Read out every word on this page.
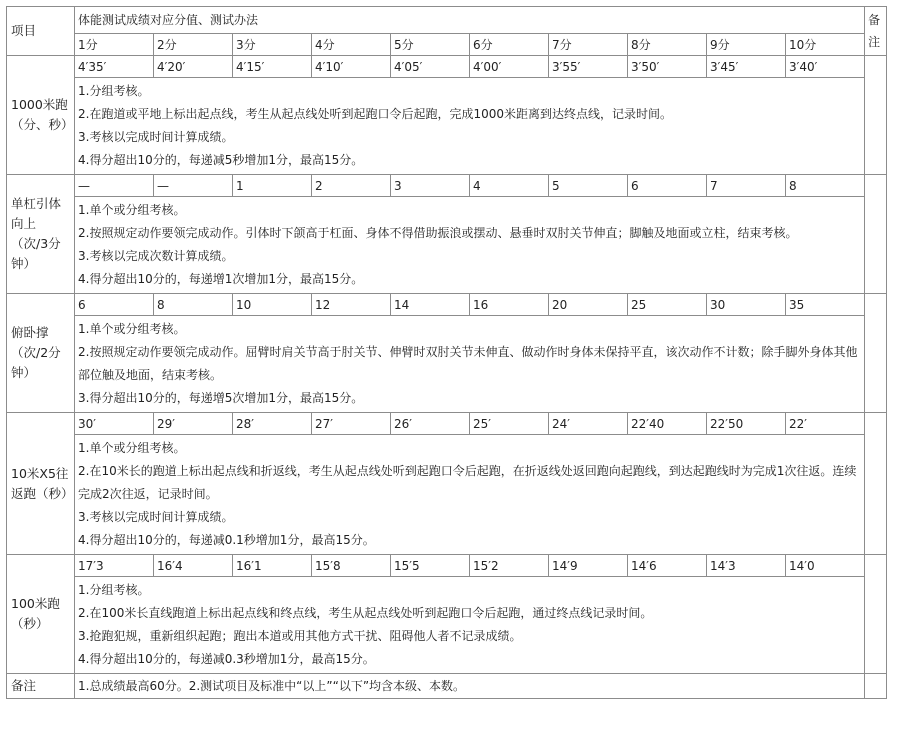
项目	体能测试成绩对应分值、测试办法										备注
	1分	2分	3分	4分	5分	6分	7分	8分	9分	10分	
1000米跑（分、秒）	4′35′	4′20′	4′15′	4′10′	4′05′	4′00′	3′55′	3′50′	3′45′	3′40′	

	1.分组考核。
2.在跑道或平地上标出起点线，考生从起点线处听到起跑口令后起跑，完成1000米距离到达终点线，记录时间。
3.考核以完成时间计算成绩。
4.得分超出10分的，每递减5秒增加1分，最高15分。										

单杠引体向上（次/3分钟）	—	—	1	2	3	4	5	6	7	8	

	1.单个或分组考核。
2.按照规定动作要领完成动作。引体时下颌高于杠面、身体不得借助振浪或摆动、悬垂时双肘关节伸直；脚触及地面或立柱，结束考核。
3.考核以完成次数计算成绩。
4.得分超出10分的，每递增1次增加1分，最高15分。										

俯卧撑（次/2分钟）	6	8	10	12	14	16	20	25	30	35	

	1.单个或分组考核。
2.按照规定动作要领完成动作。屈臂时肩关节高于肘关节、伸臂时双肘关节未伸直、做动作时身体未保持平直，该次动作不计数；除手脚外身体其他部位触及地面，结束考核。
3.得分超出10分的，每递增5次增加1分，最高15分。										

10米X5往返跑（秒）	30′	29′	28′	27′	26′	25′	24′	22′40	22′50	22′	

	1.单个或分组考核。
2.在10米长的跑道上标出起点线和折返线，考生从起点线处听到起跑口令后起跑，在折返线处返回跑向起跑线，到达起跑线时为完成1次往返。连续完成2次往返，记录时间。
3.考核以完成时间计算成绩。
4.得分超出10分的，每递减0.1秒增加1分，最高15分。										

100米跑（秒）	17′3	16′4	16′1	15′8	15′5	15′2	14′9	14′6	14′3	14′0	

	1.分组考核。
2.在100米长直线跑道上标出起点线和终点线，考生从起点线处听到起跑口令后起跑，通过终点线记录时间。
3.抢跑犯规，重新组织起跑；跑出本道或用其他方式干扰、阻碍他人者不记录成绩。
4.得分超出10分的，每递减0.3秒增加1分，最高15分。										

备注	1.总成绩最高60分。2.测试项目及标准中“以上”“以下”均含本级、本数。										
